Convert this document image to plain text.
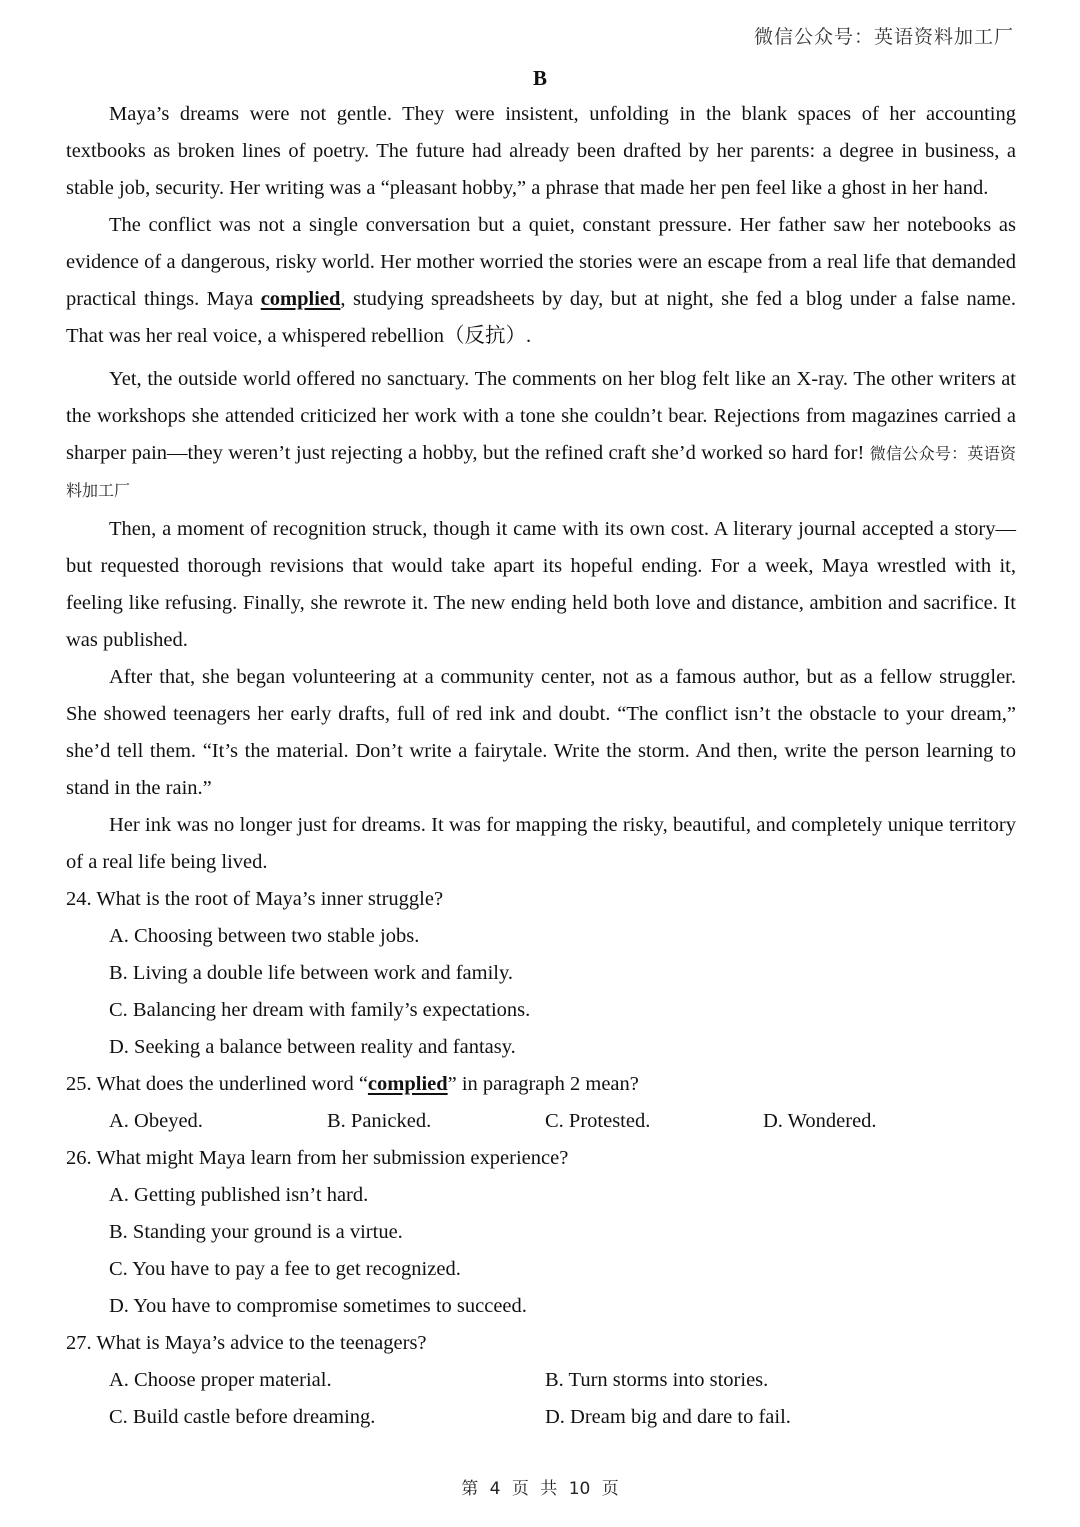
微信公众号：英语资料加工厂
B

Maya’s dreams were not gentle. They were insistent, unfolding in the blank spaces of her accounting textbooks as broken lines of poetry. The future had already been drafted by her parents: a degree in business, a stable job, security. Her writing was a “pleasant hobby,” a phrase that made her pen feel like a ghost in her hand.

The conflict was not a single conversation but a quiet, constant pressure. Her father saw her notebooks as evidence of a dangerous, risky world. Her mother worried the stories were an escape from a real life that demanded practical things. Maya complied, studying spreadsheets by day, but at night, she fed a blog under a false name. That was her real voice, a whispered rebellion（反抗）.

Yet, the outside world offered no sanctuary. The comments on her blog felt like an X-ray. The other writers at the workshops she attended criticized her work with a tone she couldn’t bear. Rejections from magazines carried a sharper pain—they weren’t just rejecting a hobby, but the refined craft she’d worked so hard for! 微信公众号：英语资料加工厂

Then, a moment of recognition struck, though it came with its own cost. A literary journal accepted a story—but requested thorough revisions that would take apart its hopeful ending. For a week, Maya wrestled with it, feeling like refusing. Finally, she rewrote it. The new ending held both love and distance, ambition and sacrifice. It was published.

After that, she began volunteering at a community center, not as a famous author, but as a fellow struggler. She showed teenagers her early drafts, full of red ink and doubt. “The conflict isn’t the obstacle to your dream,” she’d tell them. “It’s the material. Don’t write a fairytale. Write the storm. And then, write the person learning to stand in the rain.”

Her ink was no longer just for dreams. It was for mapping the risky, beautiful, and completely unique territory of a real life being lived.

24. What is the root of Maya’s inner struggle?

A. Choosing between two stable jobs.

B. Living a double life between work and family.

C. Balancing her dream with family’s expectations.

D. Seeking a balance between reality and fantasy.

25. What does the underlined word “complied” in paragraph 2 mean?

A. Obeyed.	B. Panicked.	C. Protested.	D. Wondered.

26. What might Maya learn from her submission experience?

A. Getting published isn’t hard.

B. Standing your ground is a virtue.

C. You have to pay a fee to get recognized.

D. You have to compromise sometimes to succeed.

27. What is Maya’s advice to the teenagers?

A. Choose proper material.	B. Turn storms into stories.
C. Build castle before dreaming.	D. Dream big and dare to fail.
第 4 页 共 10 页
